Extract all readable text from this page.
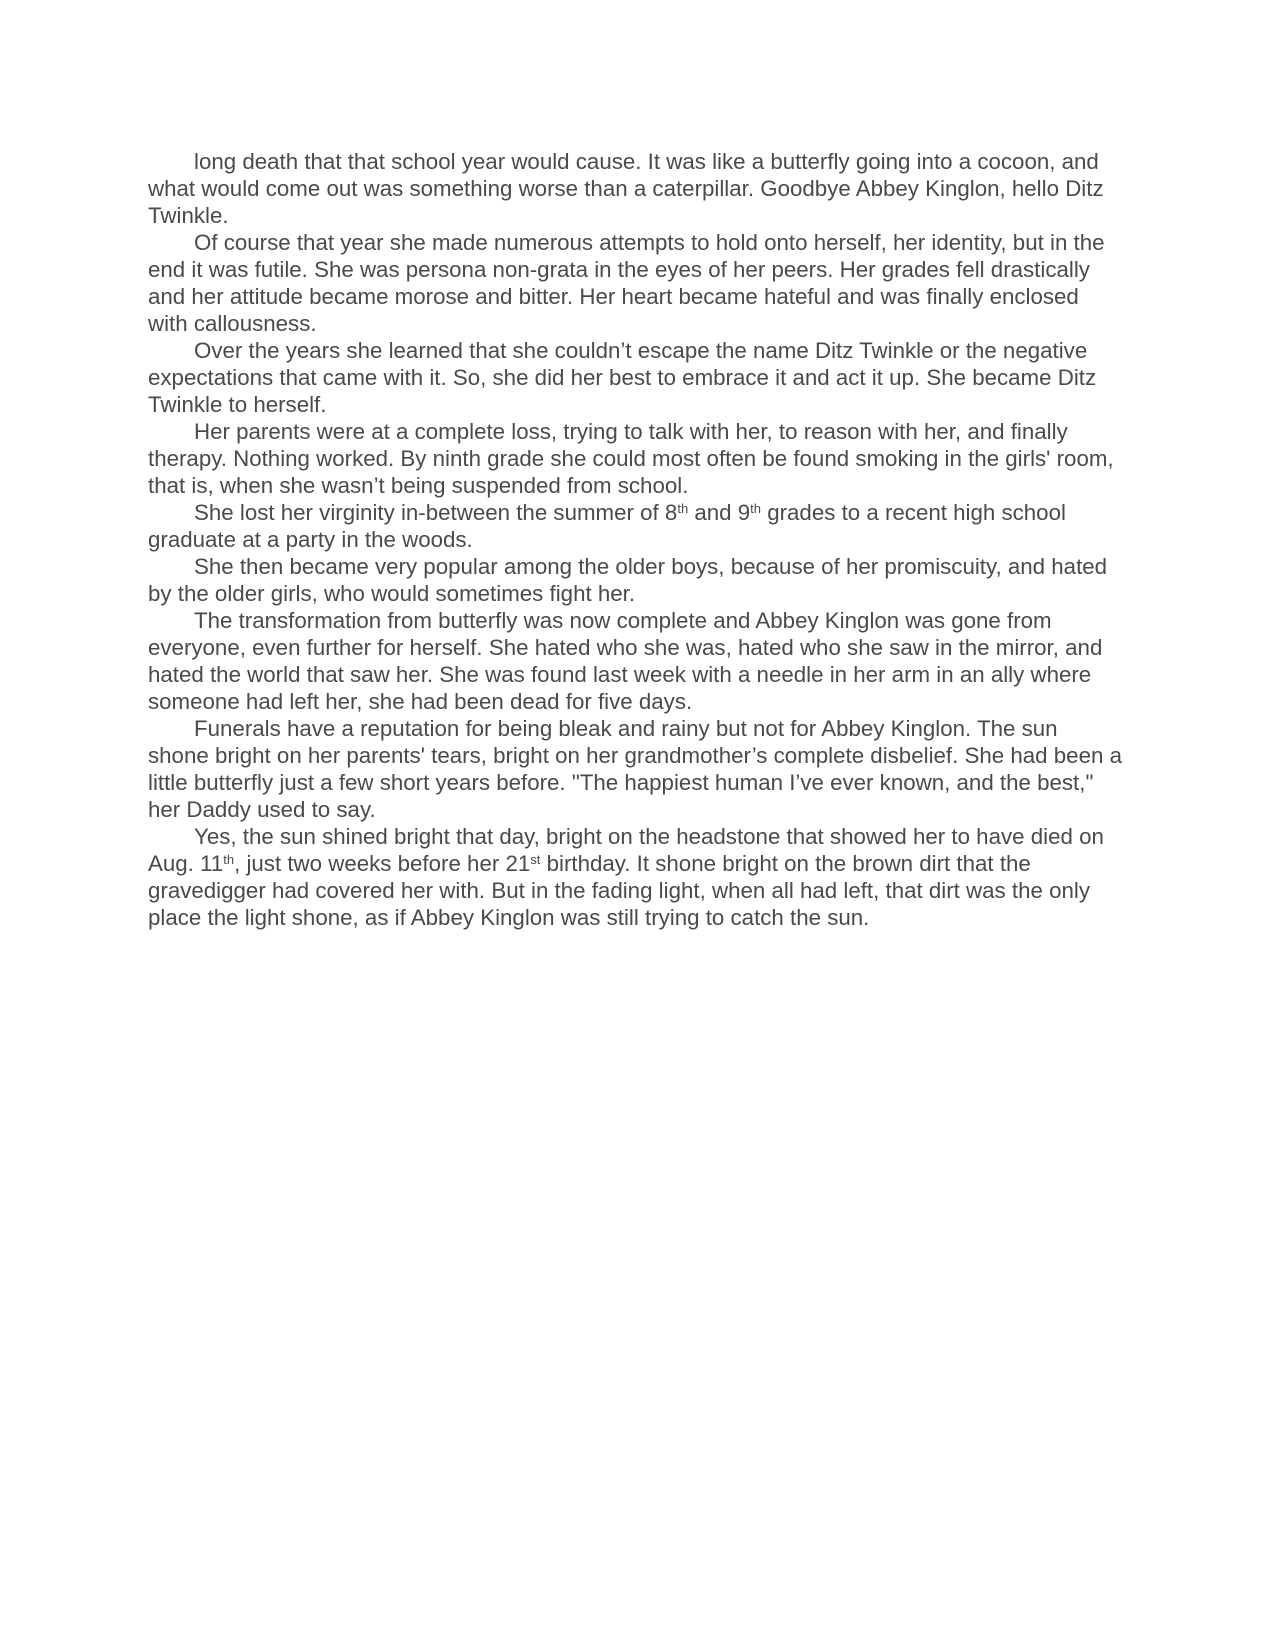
long death that that school year would cause. It was like a butterfly going into a cocoon, and what would come out was something worse than a caterpillar. Goodbye Abbey Kinglon, hello Ditz Twinkle.

Of course that year she made numerous attempts to hold onto herself, her identity, but in the end it was futile. She was persona non-grata in the eyes of her peers. Her grades fell drastically and her attitude became morose and bitter. Her heart became hateful and was finally enclosed with callousness.

Over the years she learned that she couldn’t escape the name Ditz Twinkle or the negative expectations that came with it. So, she did her best to embrace it and act it up. She became Ditz Twinkle to herself.

Her parents were at a complete loss, trying to talk with her, to reason with her, and finally therapy. Nothing worked. By ninth grade she could most often be found smoking in the girls' room, that is, when she wasn’t being suspended from school.

She lost her virginity in-between the summer of 8th and 9th grades to a recent high school graduate at a party in the woods.

She then became very popular among the older boys, because of her promiscuity, and hated by the older girls, who would sometimes fight her.

The transformation from butterfly was now complete and Abbey Kinglon was gone from everyone, even further for herself. She hated who she was, hated who she saw in the mirror, and hated the world that saw her. She was found last week with a needle in her arm in an ally where someone had left her, she had been dead for five days.

Funerals have a reputation for being bleak and rainy but not for Abbey Kinglon. The sun shone bright on her parents' tears, bright on her grandmother’s complete disbelief. She had been a little butterfly just a few short years before. "The happiest human I’ve ever known, and the best," her Daddy used to say.

Yes, the sun shined bright that day, bright on the headstone that showed her to have died on Aug. 11th, just two weeks before her 21st birthday. It shone bright on the brown dirt that the gravedigger had covered her with. But in the fading light, when all had left, that dirt was the only place the light shone, as if Abbey Kinglon was still trying to catch the sun.
